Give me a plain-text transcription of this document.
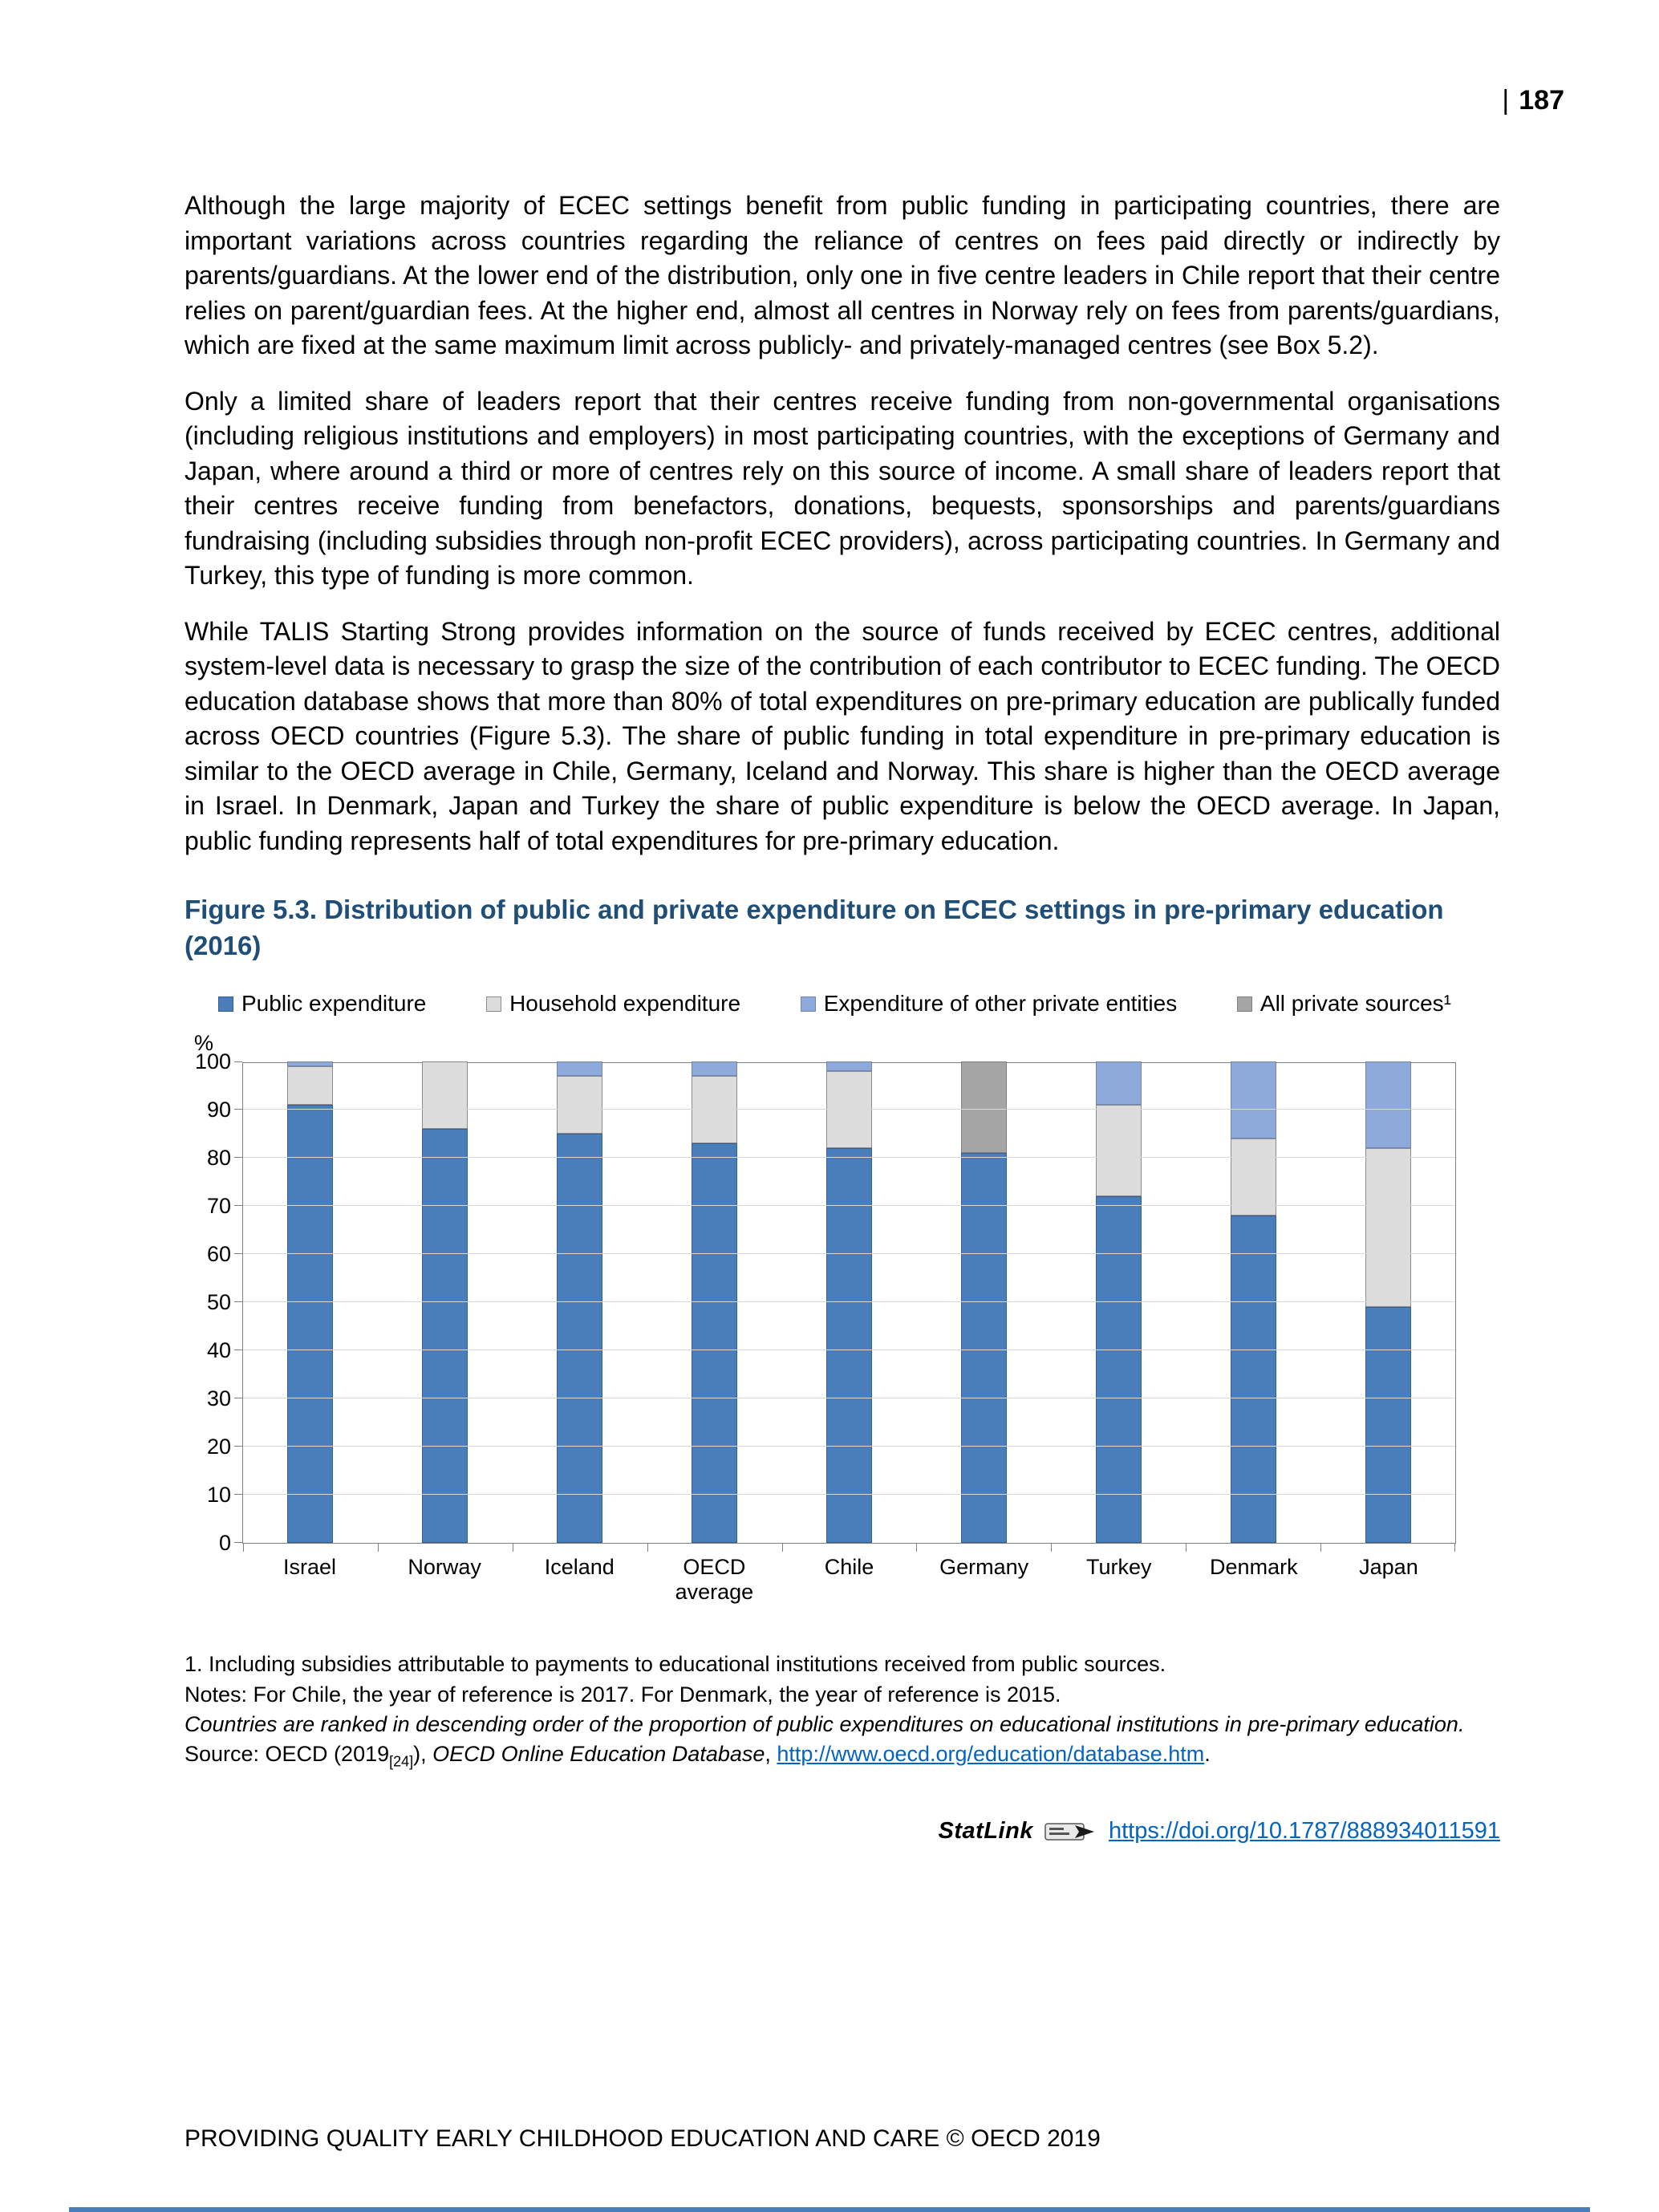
| 187

Although the large majority of ECEC settings benefit from public funding in participating countries, there are important variations across countries regarding the reliance of centres on fees paid directly or indirectly by parents/guardians. At the lower end of the distribution, only one in five centre leaders in Chile report that their centre relies on parent/guardian fees. At the higher end, almost all centres in Norway rely on fees from parents/guardians, which are fixed at the same maximum limit across publicly- and privately-managed centres (see Box 5.2).

Only a limited share of leaders report that their centres receive funding from non-governmental organisations (including religious institutions and employers) in most participating countries, with the exceptions of Germany and Japan, where around a third or more of centres rely on this source of income. A small share of leaders report that their centres receive funding from benefactors, donations, bequests, sponsorships and parents/guardians fundraising (including subsidies through non-profit ECEC providers), across participating countries. In Germany and Turkey, this type of funding is more common.

While TALIS Starting Strong provides information on the source of funds received by ECEC centres, additional system-level data is necessary to grasp the size of the contribution of each contributor to ECEC funding. The OECD education database shows that more than 80% of total expenditures on pre-primary education are publically funded across OECD countries (Figure 5.3). The share of public funding in total expenditure in pre-primary education is similar to the OECD average in Chile, Germany, Iceland and Norway. This share is higher than the OECD average in Israel. In Denmark, Japan and Turkey the share of public expenditure is below the OECD average. In Japan, public funding represents half of total expenditures for pre-primary education.

Figure 5.3. Distribution of public and private expenditure on ECEC settings in pre-primary education (2016)
Public expenditure	Household expenditure	Expenditure of other private entities	All private sources¹
%
0
10
20
30
40
50
60
70
80
90
100
Israel	Norway	Iceland	OECD average
Chile	Germany	Turkey	Denmark	Japan
1. Including subsidies attributable to payments to educational institutions received from public sources.
Notes: For Chile, the year of reference is 2017. For Denmark, the year of reference is 2015.
Countries are ranked in descending order of the proportion of public expenditures on educational institutions in pre-primary education.
Source: OECD $(2019_{[24]})$, OECD Online Education Database, http://www.oecd.org/education/database.htm.
StatLink	https://doi.org/10.1787/888934011591
PROVIDING QUALITY EARLY CHILDHOOD EDUCATION AND CARE © OECD 2019
